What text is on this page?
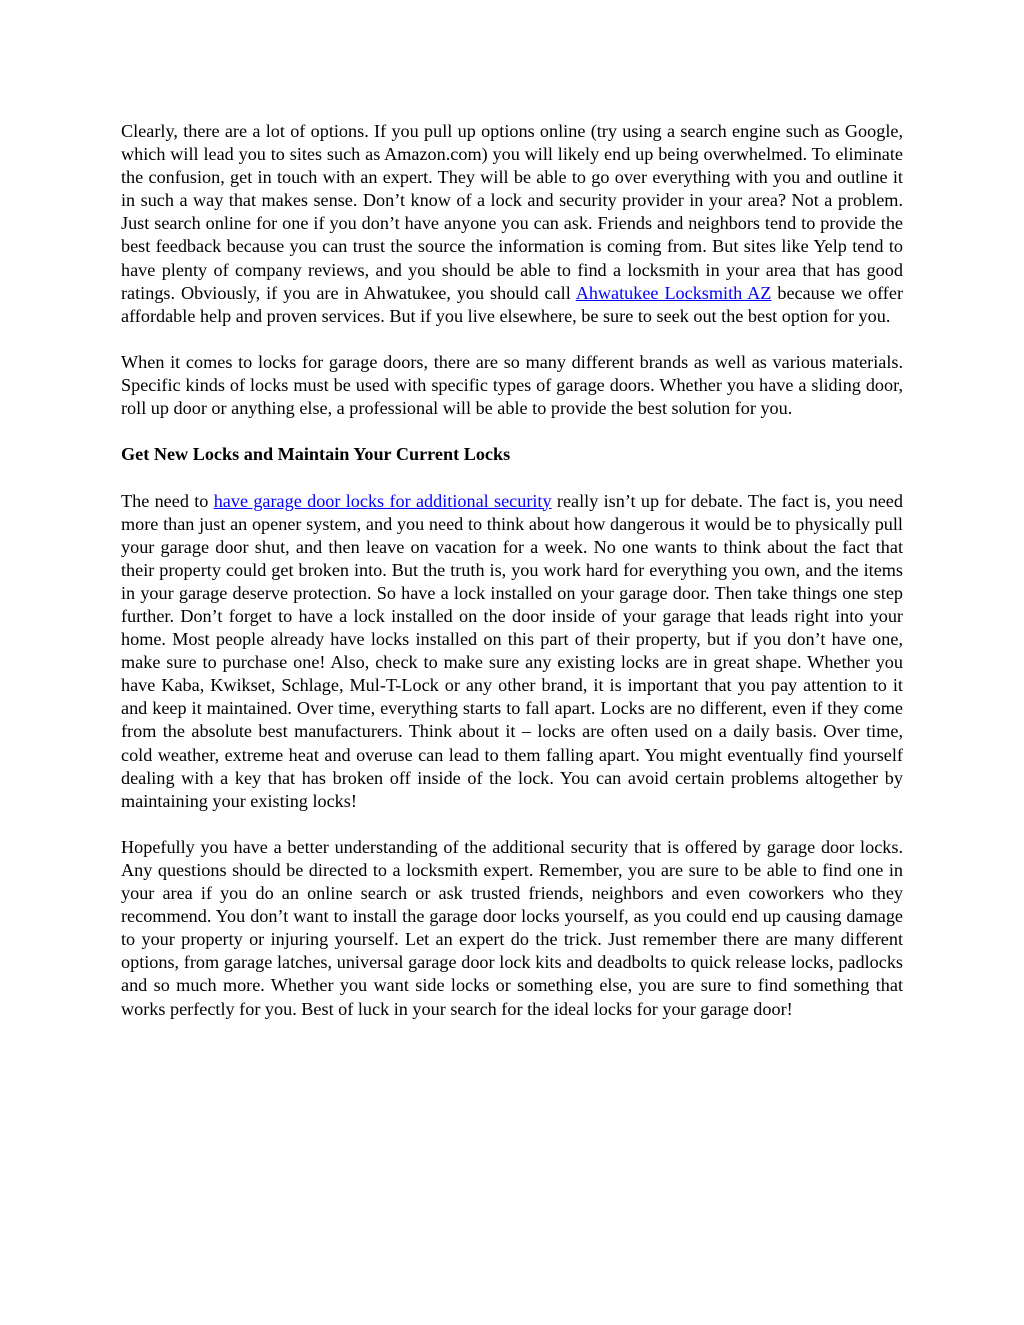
Clearly, there are a lot of options. If you pull up options online (try using a search engine such as Google, which will lead you to sites such as Amazon.com) you will likely end up being overwhelmed. To eliminate the confusion, get in touch with an expert. They will be able to go over everything with you and outline it in such a way that makes sense. Don’t know of a lock and security provider in your area? Not a problem. Just search online for one if you don’t have anyone you can ask. Friends and neighbors tend to provide the best feedback because you can trust the source the information is coming from. But sites like Yelp tend to have plenty of company reviews, and you should be able to find a locksmith in your area that has good ratings. Obviously, if you are in Ahwatukee, you should call Ahwatukee Locksmith AZ because we offer affordable help and proven services. But if you live elsewhere, be sure to seek out the best option for you.

When it comes to locks for garage doors, there are so many different brands as well as various materials. Specific kinds of locks must be used with specific types of garage doors. Whether you have a sliding door, roll up door or anything else, a professional will be able to provide the best solution for you.

Get New Locks and Maintain Your Current Locks

The need to have garage door locks for additional security really isn’t up for debate. The fact is, you need more than just an opener system, and you need to think about how dangerous it would be to physically pull your garage door shut, and then leave on vacation for a week. No one wants to think about the fact that their property could get broken into. But the truth is, you work hard for everything you own, and the items in your garage deserve protection. So have a lock installed on your garage door. Then take things one step further. Don’t forget to have a lock installed on the door inside of your garage that leads right into your home. Most people already have locks installed on this part of their property, but if you don’t have one, make sure to purchase one! Also, check to make sure any existing locks are in great shape. Whether you have Kaba, Kwikset, Schlage, Mul-T-Lock or any other brand, it is important that you pay attention to it and keep it maintained. Over time, everything starts to fall apart. Locks are no different, even if they come from the absolute best manufacturers. Think about it – locks are often used on a daily basis. Over time, cold weather, extreme heat and overuse can lead to them falling apart. You might eventually find yourself dealing with a key that has broken off inside of the lock. You can avoid certain problems altogether by maintaining your existing locks!

Hopefully you have a better understanding of the additional security that is offered by garage door locks. Any questions should be directed to a locksmith expert. Remember, you are sure to be able to find one in your area if you do an online search or ask trusted friends, neighbors and even coworkers who they recommend. You don’t want to install the garage door locks yourself, as you could end up causing damage to your property or injuring yourself. Let an expert do the trick. Just remember there are many different options, from garage latches, universal garage door lock kits and deadbolts to quick release locks, padlocks and so much more. Whether you want side locks or something else, you are sure to find something that works perfectly for you. Best of luck in your search for the ideal locks for your garage door!
